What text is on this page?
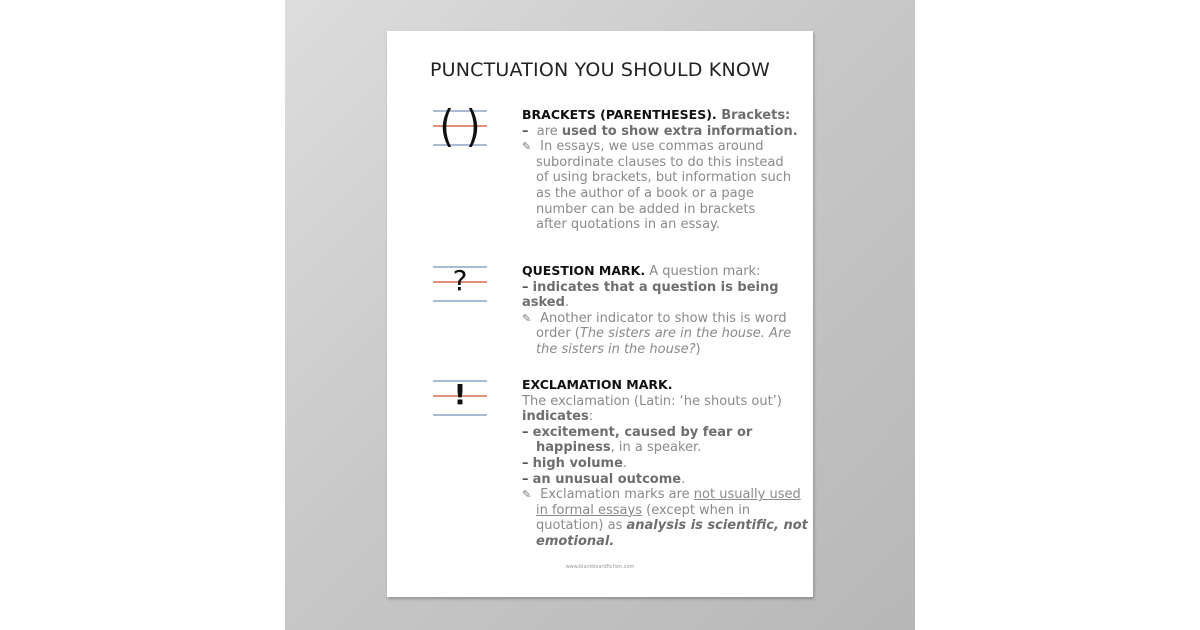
PUNCTUATION YOU SHOULD KNOW
( )	BRACKETS (PARENTHESES). Brackets:
– are used to show extra information.
✎ In essays, we use commas around
subordinate clauses to do this instead
of using brackets, but information such
as the author of a book or a page
number can be added in brackets
after quotations in an essay.
?	QUESTION MARK. A question mark:
– indicates that a question is being asked.
✎ Another indicator to show this is word
order (The sisters are in the house. Are
the sisters in the house?)
!	EXCLAMATION MARK.
The exclamation (Latin: ‘he shouts out’)
indicates:
– excitement, caused by fear or
happiness, in a speaker.
– high volume.
– an unusual outcome.
✎ Exclamation marks are not usually used
in formal essays (except when in
quotation) as analysis is scientific, not
emotional.
www.blackboardfiction.com
